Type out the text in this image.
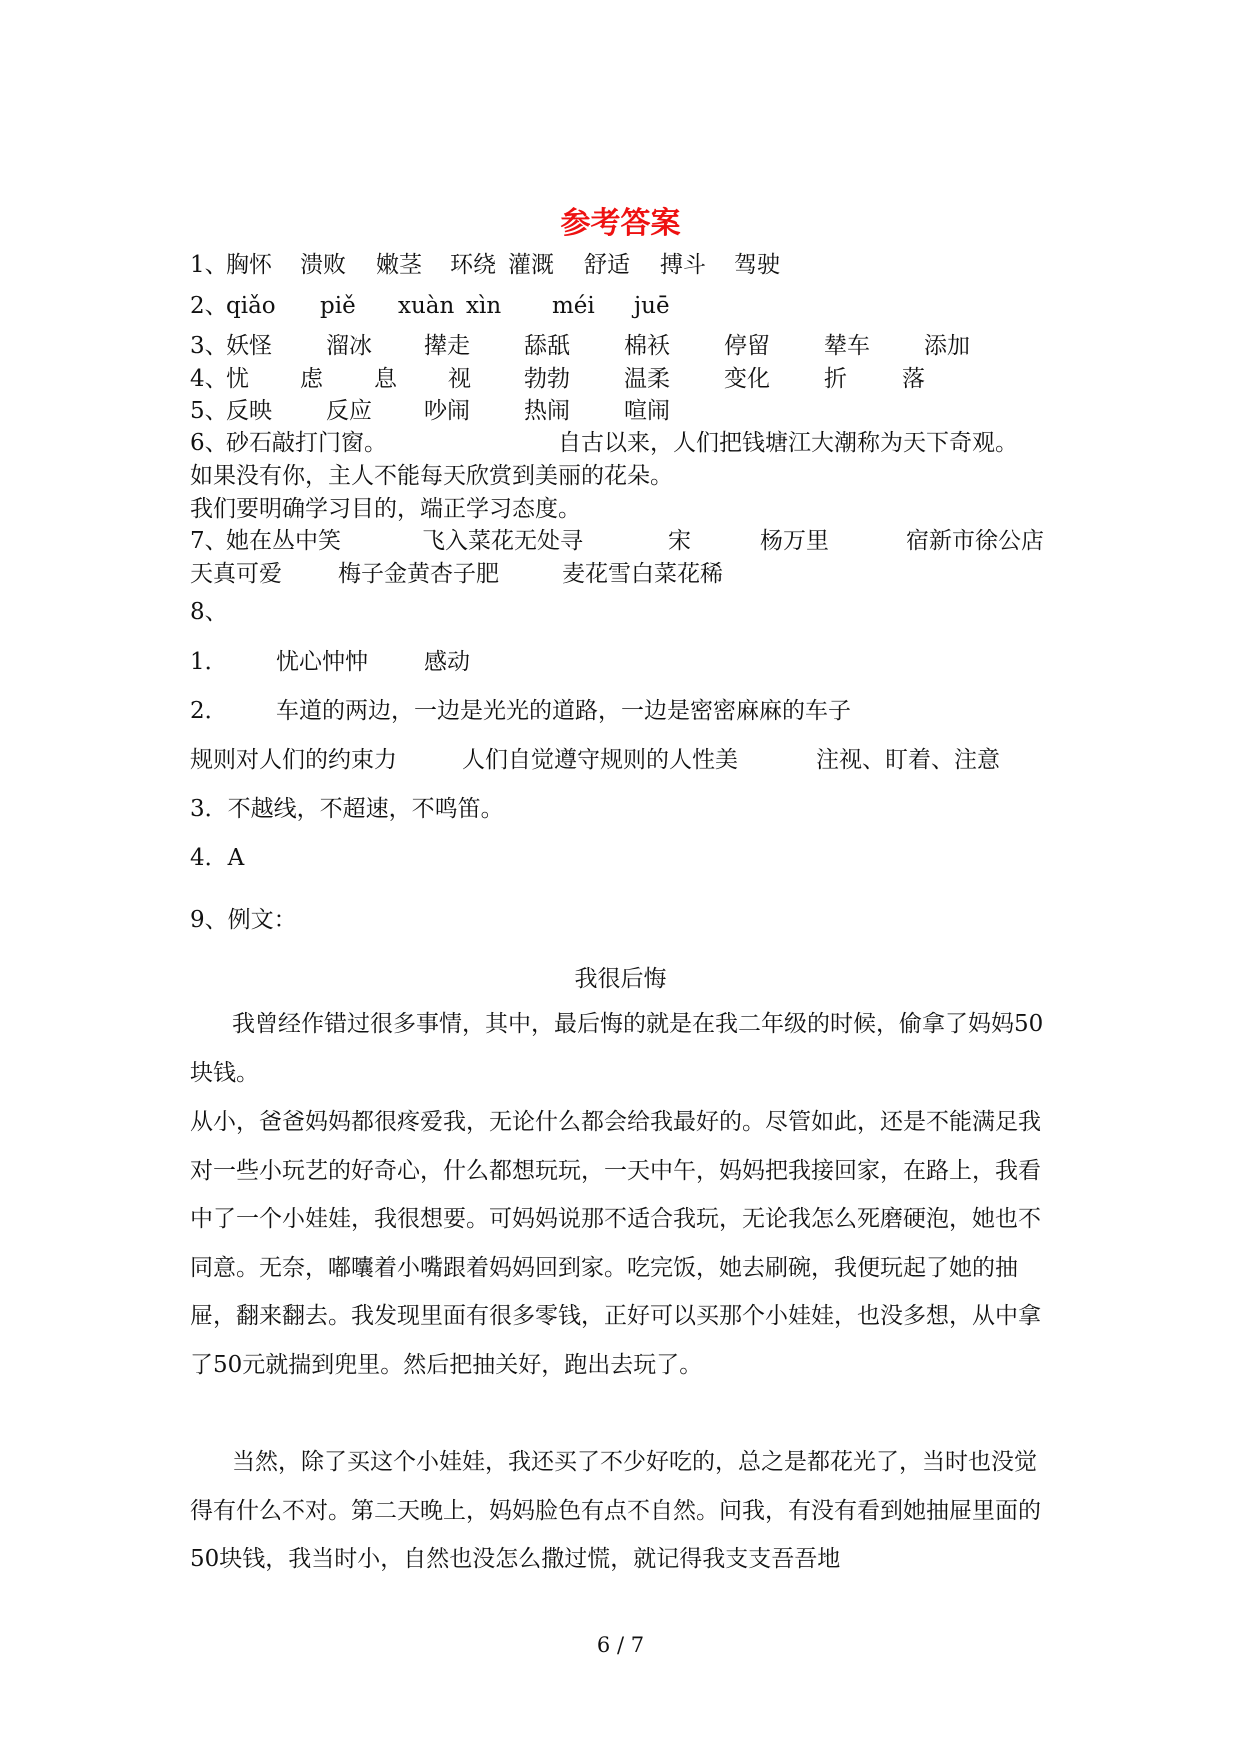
参考答案
1、
胸怀 溃败 嫩茎 环绕 灌溉 舒适 搏斗 驾驶
2、
qiǎo piě xuàn xìn méi juē
3、
妖怪 溜冰 撵走 舔舐 棉袄 停留 辇车 添加
4、
忧 虑 息 视 勃勃 温柔 变化 折 落
5、
反映 反应 吵闹 热闹 喧闹
6、
砂石敲打门窗。	自古以来，人们把钱塘江大潮称为天下奇观。
如果没有你，主人不能每天欣赏到美丽的花朵。
我们要明确学习目的，端正学习态度。
7、
她在丛中笑	飞入菜花无处寻	宋	杨万里	宿新市徐公店
天真可爱 梅子金黄杏子肥	麦花雪白菜花稀
8、
1． 忧心忡忡 感动
2． 车道的两边，一边是光光的道路，一边是密密麻麻的车子
规则对人们的约束力	人们自觉遵守规则的人性美	注视、盯着、注意
3．不越线，不超速，不鸣笛。
4．A
9、例文：
我很后悔

我曾经作错过很多事情，其中，最后悔的就是在我二年级的时候，偷拿了妈妈50块钱。

从小，爸爸妈妈都很疼爱我，无论什么都会给我最好的。尽管如此，还是不能满足我对一些小玩艺的好奇心，什么都想玩玩，一天中午，妈妈把我接回家，在路上，我看中了一个小娃娃，我很想要。可妈妈说那不适合我玩，无论我怎么死磨硬泡，她也不同意。无奈，嘟囔着小嘴跟着妈妈回到家。吃完饭，她去刷碗，我便玩起了她的抽屉，翻来翻去。我发现里面有很多零钱，正好可以买那个小娃娃，也没多想，从中拿了50元就揣到兜里。然后把抽关好，跑出去玩了。

当然，除了买这个小娃娃，我还买了不少好吃的，总之是都花光了，当时也没觉得有什么不对。第二天晚上，妈妈脸色有点不自然。问我，有没有看到她抽屉里面的50块钱，我当时小，自然也没怎么撒过慌，就记得我支支吾吾地

6 / 7
